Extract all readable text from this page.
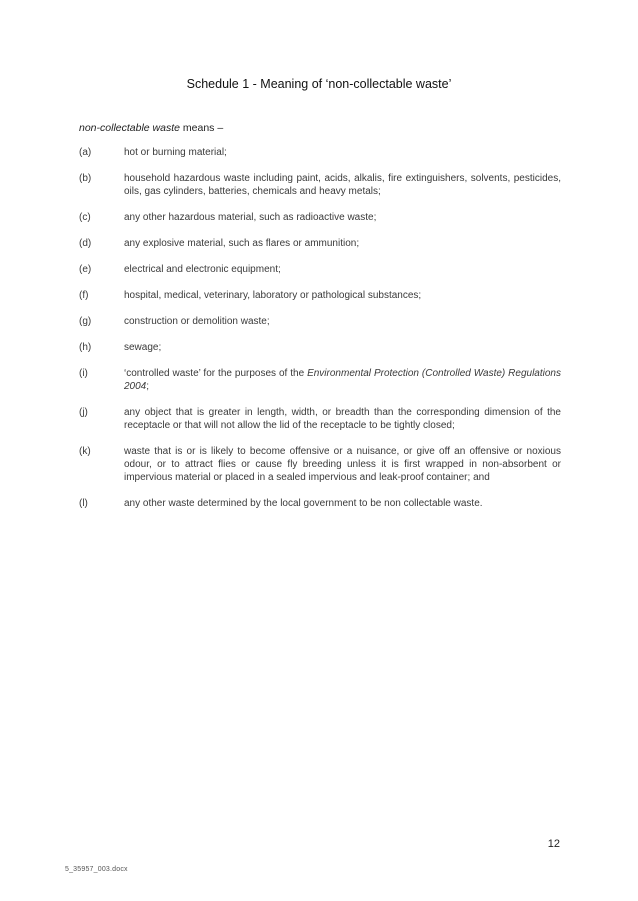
Schedule 1 - Meaning of ‘non-collectable waste’
non-collectable waste means –
(a)	hot or burning material;
(b)	household hazardous waste including paint, acids, alkalis, fire extinguishers, solvents, pesticides, oils, gas cylinders, batteries, chemicals and heavy metals;
(c)	any other hazardous material, such as radioactive waste;
(d)	any explosive material, such as flares or ammunition;
(e)	electrical and electronic equipment;
(f)	hospital, medical, veterinary, laboratory or pathological substances;
(g)	construction or demolition waste;
(h)	sewage;
(i)	‘controlled waste’ for the purposes of the Environmental Protection (Controlled Waste) Regulations 2004;
(j)	any object that is greater in length, width, or breadth than the corresponding dimension of the receptacle or that will not allow the lid of the receptacle to be tightly closed;
(k)	waste that is or is likely to become offensive or a nuisance, or give off an offensive or noxious odour, or to attract flies or cause fly breeding unless it is first wrapped in non-absorbent or impervious material or placed in a sealed impervious and leak-proof container; and
(l)	any other waste determined by the local government to be non collectable waste.
12
5_35957_003.docx
